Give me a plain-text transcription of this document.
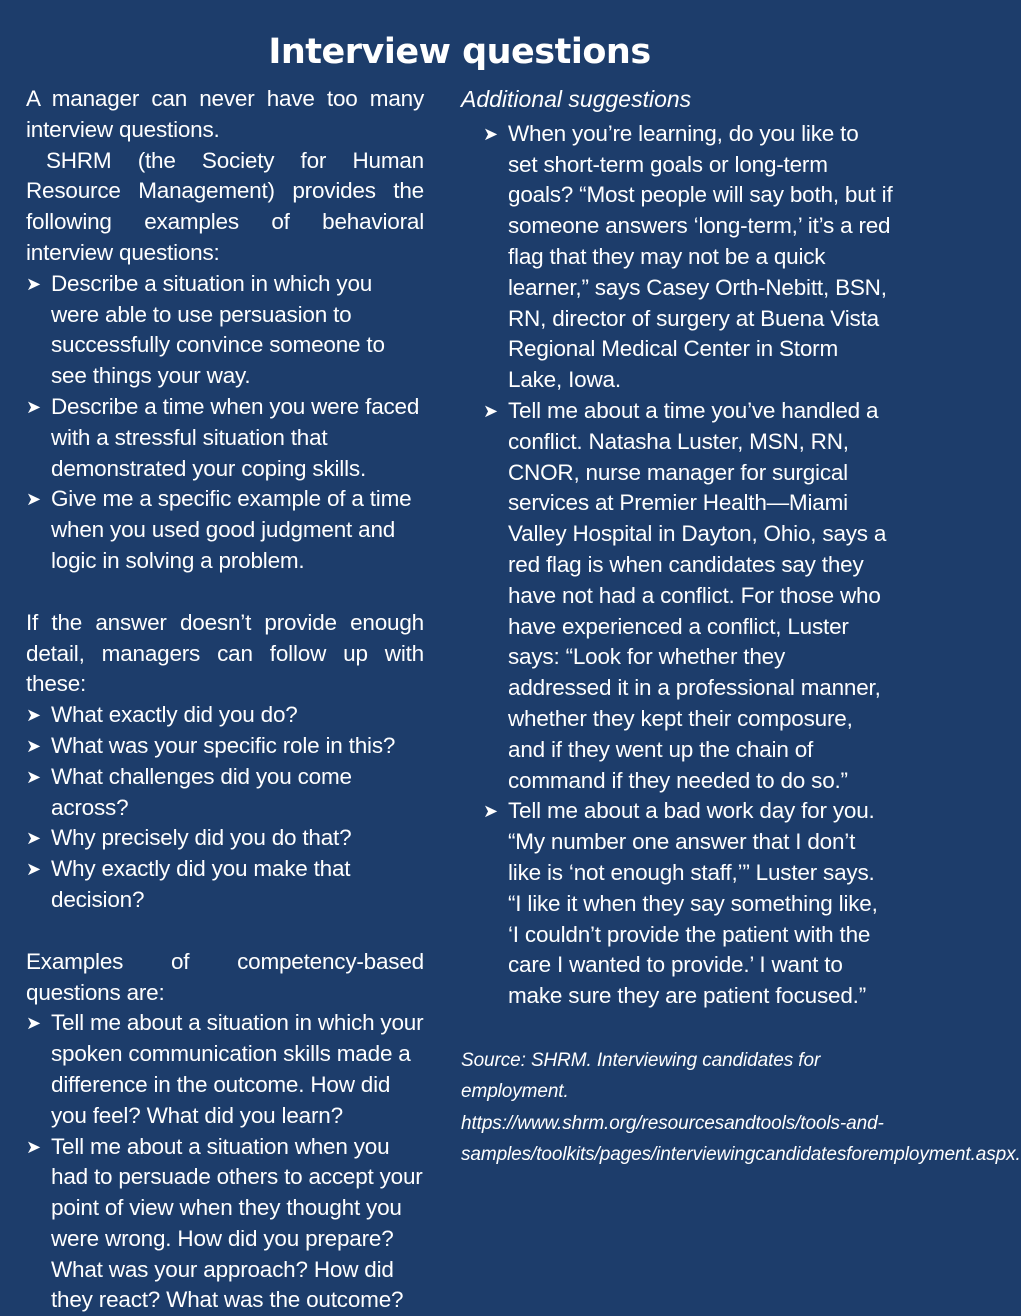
Interview questions

A manager can never have too many interview questions.

SHRM (the Society for Human Resource Management) provides the following examples of behavioral interview questions:

➤ Describe a situation in which you were able to use persuasion to successfully convince someone to see things your way.
➤ Describe a time when you were faced with a stressful situation that demonstrated your coping skills.
➤ Give me a specific example of a time when you used good judgment and logic in solving a problem.

If the answer doesn’t provide enough detail, managers can follow up with these:

➤ What exactly did you do?
➤ What was your specific role in this?
➤ What challenges did you come across?
➤ Why precisely did you do that?
➤ Why exactly did you make that decision?

Examples of competency-based questions are:

➤ Tell me about a situation in which your spoken communication skills made a difference in the outcome. How did you feel? What did you learn?
➤ Tell me about a situation when you had to persuade others to accept your point of view when they thought you were wrong. How did you prepare? What was your approach? How did they react? What was the outcome?

Additional suggestions

➤ When you’re learning, do you like to set short-term goals or long-term goals? “Most people will say both, but if someone answers ‘long-term,’ it’s a red flag that they may not be a quick learner,” says Casey Orth-Nebitt, BSN, RN, director of surgery at Buena Vista Regional Medical Center in Storm Lake, Iowa.
➤ Tell me about a time you’ve handled a conflict. Natasha Luster, MSN, RN, CNOR, nurse manager for surgical services at Premier Health—Miami Valley Hospital in Dayton, Ohio, says a red flag is when candidates say they have not had a conflict. For those who have experienced a conflict, Luster says: “Look for whether they addressed it in a professional manner, whether they kept their composure, and if they went up the chain of command if they needed to do so.”
➤ Tell me about a bad work day for you. “My number one answer that I don’t like is ‘not enough staff,’” Luster says. “I like it when they say something like, ‘I couldn’t provide the patient with the care I wanted to provide.’ I want to make sure they are patient focused.”

Source: SHRM. Interviewing candidates for employment. https://www.shrm.org/resourcesandtools/tools-and-samples/toolkits/pages/interviewingcandidatesforemployment.aspx.
